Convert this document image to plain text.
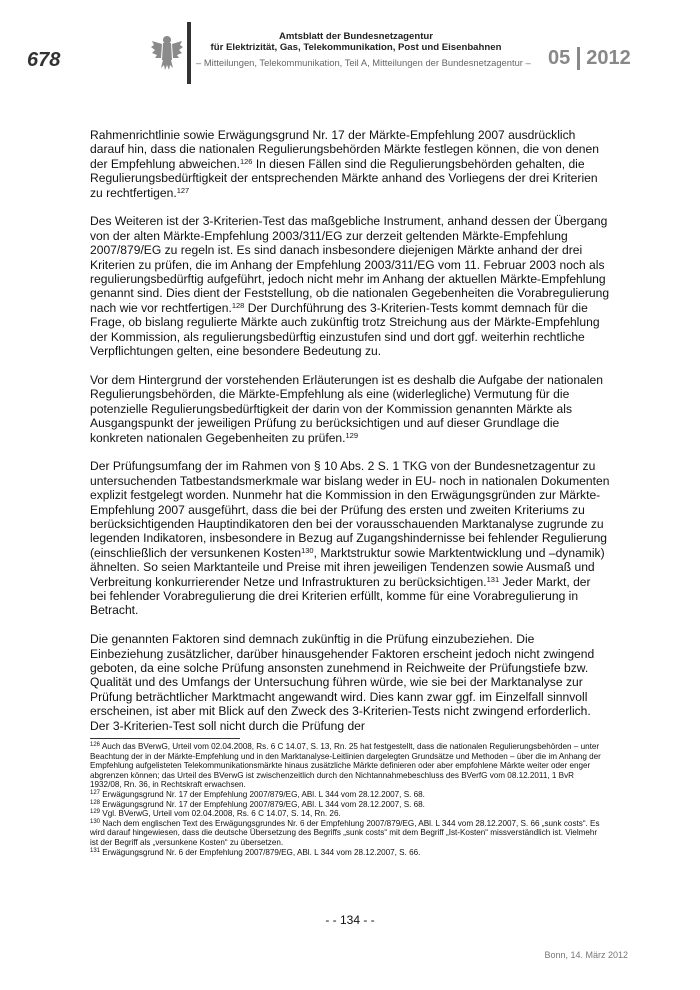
678
Amtsblatt der Bundesnetzagentur
für Elektrizität, Gas, Telekommunikation, Post und Eisenbahnen
– Mitteilungen, Telekommunikation, Teil A, Mitteilungen der Bundesnetzagentur – 05 2012

Rahmenrichtlinie sowie Erwägungsgrund Nr. 17 der Märkte-Empfehlung 2007 ausdrücklich darauf hin, dass die nationalen Regulierungsbehörden Märkte festlegen können, die von denen der Empfehlung abweichen.$^{126}$ In diesen Fällen sind die Regulierungsbehörden gehalten, die Regulierungsbedürftigkeit der entsprechenden Märkte anhand des Vorliegens der drei Kriterien zu rechtfertigen.$^{127}$

Des Weiteren ist der 3-Kriterien-Test das maßgebliche Instrument, anhand dessen der Übergang von der alten Märkte-Empfehlung 2003/311/EG zur derzeit geltenden Märkte-Empfehlung 2007/879/EG zu regeln ist. Es sind danach insbesondere diejenigen Märkte anhand der drei Kriterien zu prüfen, die im Anhang der Empfehlung 2003/311/EG vom 11. Februar 2003 noch als regulierungsbedürftig aufgeführt, jedoch nicht mehr im Anhang der aktuellen Märkte-Empfehlung genannt sind. Dies dient der Feststellung, ob die nationalen Gegebenheiten die Vorabregulierung nach wie vor rechtfertigen.$^{128}$ Der Durchführung des 3-Kriterien-Tests kommt demnach für die Frage, ob bislang regulierte Märkte auch zukünftig trotz Streichung aus der Märkte-Empfehlung der Kommission, als regulierungsbedürftig einzustufen sind und dort ggf. weiterhin rechtliche Verpflichtungen gelten, eine besondere Bedeutung zu.

Vor dem Hintergrund der vorstehenden Erläuterungen ist es deshalb die Aufgabe der nationalen Regulierungsbehörden, die Märkte-Empfehlung als eine (widerlegliche) Vermutung für die potenzielle Regulierungsbedürftigkeit der darin von der Kommission genannten Märkte als Ausgangspunkt der jeweiligen Prüfung zu berücksichtigen und auf dieser Grundlage die konkreten nationalen Gegebenheiten zu prüfen.$^{129}$

Der Prüfungsumfang der im Rahmen von § 10 Abs. 2 S. 1 TKG von der Bundesnetzagentur zu untersuchenden Tatbestandsmerkmale war bislang weder in EU- noch in nationalen Dokumenten explizit festgelegt worden. Nunmehr hat die Kommission in den Erwägungsgründen zur Märkte-Empfehlung 2007 ausgeführt, dass die bei der Prüfung des ersten und zweiten Kriteriums zu berücksichtigenden Hauptindikatoren den bei der vorausschauenden Marktanalyse zugrunde zu legenden Indikatoren, insbesondere in Bezug auf Zugangshindernisse bei fehlender Regulierung (einschließlich der versunkenen Kosten$^{130}$, Marktstruktur sowie Marktentwicklung und –dynamik) ähnelten. So seien Marktanteile und Preise mit ihren jeweiligen Tendenzen sowie Ausmaß und Verbreitung konkurrierender Netze und Infrastrukturen zu berücksichtigen.$^{131}$ Jeder Markt, der bei fehlender Vorabregulierung die drei Kriterien erfüllt, komme für eine Vorabregulierung in Betracht.

Die genannten Faktoren sind demnach zukünftig in die Prüfung einzubeziehen. Die Einbeziehung zusätzlicher, darüber hinausgehender Faktoren erscheint jedoch nicht zwingend geboten, da eine solche Prüfung ansonsten zunehmend in Reichweite der Prüfungstiefe bzw. Qualität und des Umfangs der Untersuchung führen würde, wie sie bei der Marktanalyse zur Prüfung beträchtlicher Marktmacht angewandt wird. Dies kann zwar ggf. im Einzelfall sinnvoll erscheinen, ist aber mit Blick auf den Zweck des 3-Kriterien-Tests nicht zwingend erforderlich. Der 3-Kriterien-Test soll nicht durch die Prüfung der

$^{126}$ Auch das BVerwG, Urteil vom 02.04.2008, Rs. 6 C 14.07, S. 13, Rn. 25 hat festgestellt, dass die nationalen Regulierungsbehörden – unter Beachtung der in der Märkte-Empfehlung und in den Marktanalyse-Leitlinien dargelegten Grundsätze und Methoden – über die im Anhang der Empfehlung aufgelisteten Telekommunikationsmärkte hinaus zusätzliche Märkte definieren oder aber empfohlene Märkte weiter oder enger abgrenzen können; das Urteil des BVerwG ist zwischenzeitlich durch den Nichtannahmebeschluss des BVerfG vom 08.12.2011, 1 BvR 1932/08, Rn. 36, in Rechtskraft erwachsen.

$^{127}$ Erwägungsgrund Nr. 17 der Empfehlung 2007/879/EG, ABl. L 344 vom 28.12.2007, S. 68.

$^{128}$ Erwägungsgrund Nr. 17 der Empfehlung 2007/879/EG, ABl. L 344 vom 28.12.2007, S. 68.

$^{129}$ Vgl. BVerwG, Urteil vom 02.04.2008, Rs. 6 C 14.07, S. 14, Rn. 26.

$^{130}$ Nach dem englischen Text des Erwägungsgrundes Nr. 6 der Empfehlung 2007/879/EG, ABl. L 344 vom 28.12.2007, S. 66 „sunk costs“. Es wird darauf hingewiesen, dass die deutsche Übersetzung des Begriffs „sunk costs“ mit dem Begriff „Ist-Kosten“ missverständlich ist. Vielmehr ist der Begriff als „versunkene Kosten“ zu übersetzen.

$^{131}$ Erwägungsgrund Nr. 6 der Empfehlung 2007/879/EG, ABl. L 344 vom 28.12.2007, S. 66.

- - 134 - -
Bonn, 14. März 2012
